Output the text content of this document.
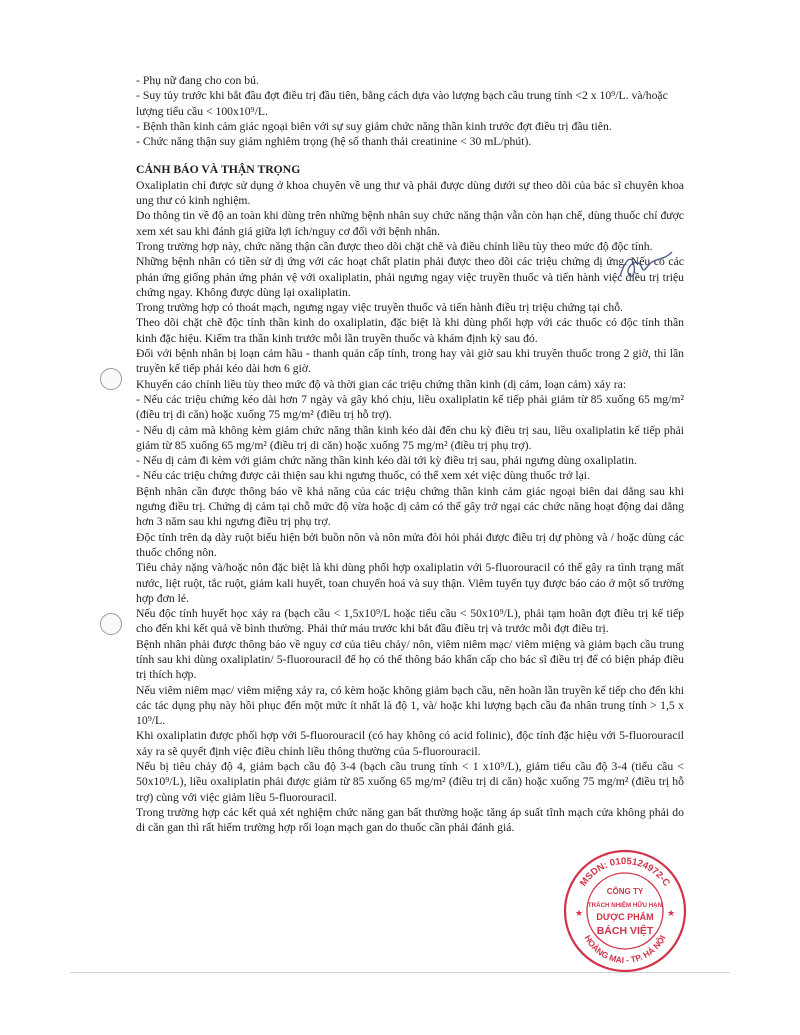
- Phụ nữ đang cho con bú.

- Suy tủy trước khi bắt đầu đợt điều trị đầu tiên, bằng cách dựa vào lượng bạch cầu trung tính <2 x 10⁹/L. và/hoặc lượng tiểu cầu < 100x10⁹/L.

- Bệnh thần kinh cảm giác ngoại biên với sự suy giảm chức năng thần kinh trước đợt điều trị đầu tiên.

- Chức năng thận suy giảm nghiêm trọng (hệ số thanh thải creatinine < 30 mL/phút).

CẢNH BÁO VÀ THẬN TRỌNG

Oxaliplatin chỉ được sử dụng ở khoa chuyên về ung thư và phải được dùng dưới sự theo dõi của bác sĩ chuyên khoa ung thư có kinh nghiệm.

Do thông tin về độ an toàn khi dùng trên những bệnh nhân suy chức năng thận vẫn còn hạn chế, dùng thuốc chỉ được xem xét sau khi đánh giá giữa lợi ích/nguy cơ đối với bệnh nhân.

Trong trường hợp này, chức năng thận cần được theo dõi chặt chẽ và điều chỉnh liều tùy theo mức độ độc tính.

Những bệnh nhân có tiền sử dị ứng với các hoạt chất platin phải được theo dõi các triệu chứng dị ứng. Nếu có các phản ứng giống phản ứng phản vệ với oxaliplatin, phải ngưng ngay việc truyền thuốc và tiến hành việc điều trị triệu chứng ngay. Không được dùng lại oxaliplatin.

Trong trường hợp có thoát mạch, ngưng ngay việc truyền thuốc và tiến hành điều trị triệu chứng tại chỗ.

Theo dõi chặt chẽ độc tính thần kinh do oxaliplatin, đặc biệt là khi dùng phối hợp với các thuốc có độc tính thần kinh đặc hiệu. Kiểm tra thần kinh trước mỗi lần truyền thuốc và khám định kỳ sau đó.

Đối với bệnh nhân bị loạn cảm hầu - thanh quản cấp tính, trong hay vài giờ sau khi truyền thuốc trong 2 giờ, thì lần truyền kế tiếp phải kéo dài hơn 6 giờ.

Khuyến cáo chỉnh liều tùy theo mức độ và thời gian các triệu chứng thần kinh (dị cảm, loạn cảm) xảy ra:

- Nếu các triệu chứng kéo dài hơn 7 ngày và gây khó chịu, liều oxaliplatin kế tiếp phải giảm từ 85 xuống 65 mg/m² (điều trị di căn) hoặc xuống 75 mg/m² (điều trị hỗ trợ).

- Nếu dị cảm mà không kèm giảm chức năng thần kinh kéo dài đến chu kỳ điều trị sau, liều oxaliplatin kế tiếp phải giảm từ 85 xuống 65 mg/m² (điều trị di căn) hoặc xuống 75 mg/m² (điều trị phụ trợ).

- Nếu dị cảm đi kèm với giảm chức năng thần kinh kéo dài tới kỳ điều trị sau, phải ngưng dùng oxaliplatin.

- Nếu các triệu chứng được cải thiện sau khi ngưng thuốc, có thể xem xét việc dùng thuốc trở lại.

Bệnh nhân cần được thông báo về khả năng của các triệu chứng thần kinh cảm giác ngoại biên dai dẳng sau khi ngưng điều trị. Chứng dị cảm tại chỗ mức độ vừa hoặc dị cảm có thể gây trở ngại các chức năng hoạt động dai dẳng hơn 3 năm sau khi ngưng điều trị phụ trợ.

Độc tính trên dạ dày ruột biểu hiện bởi buồn nôn và nôn mửa đòi hỏi phải được điều trị dự phòng và / hoặc dùng các thuốc chống nôn.

Tiêu chảy nặng và/hoặc nôn đặc biệt là khi dùng phối hợp oxaliplatin với 5-fluorouracil có thể gây ra tình trạng mất nước, liệt ruột, tắc ruột, giảm kali huyết, toan chuyển hoá và suy thận. Viêm tuyến tụy được báo cáo ở một số trường hợp đơn lẻ.

Nếu độc tính huyết học xảy ra (bạch cầu < 1,5x10⁹/L hoặc tiểu cầu < 50x10⁹/L), phải tạm hoãn đợt điều trị kế tiếp cho đến khi kết quả về bình thường. Phải thử máu trước khi bắt đầu điều trị và trước mỗi đợt điều trị.

Bệnh nhân phải được thông báo về nguy cơ của tiêu chảy/ nôn, viêm niêm mạc/ viêm miệng và giảm bạch cầu trung tính sau khi dùng oxaliplatin/ 5-fluorouracil để họ có thể thông báo khẩn cấp cho bác sĩ điều trị để có biện pháp điều trị thích hợp.

Nếu viêm niêm mạc/ viêm miệng xảy ra, có kèm hoặc không giảm bạch cầu, nên hoãn lần truyền kế tiếp cho đến khi các tác dụng phụ này hồi phục đến một mức ít nhất là độ 1, và/ hoặc khi lượng bạch cầu đa nhân trung tính > 1,5 x 10⁹/L.

Khi oxaliplatin được phối hợp với 5-fluorouracil (có hay không có acid folinic), độc tính đặc hiệu với 5-fluorouracil xảy ra sẽ quyết định việc điều chỉnh liều thông thường của 5-fluorouracil.

Nếu bị tiêu chảy độ 4, giảm bạch cầu độ 3-4 (bạch cầu trung tính < 1 x10⁹/L), giảm tiểu cầu độ 3-4 (tiểu cầu < 50x10⁹/L), liều oxaliplatin phải được giảm từ 85 xuống 65 mg/m² (điều trị di căn) hoặc xuống 75 mg/m² (điều trị hỗ trợ) cùng với việc giảm liều 5-fluorouracil.

Trong trường hợp các kết quả xét nghiệm chức năng gan bất thường hoặc tăng áp suất tĩnh mạch cửa không phải do di căn gan thì rất hiếm trường hợp rối loạn mạch gan do thuốc cần phải đánh giá.

MSDN: 0105124972-C
HOÀNG MAI - TP. HÀ NỘI
CÔNG TY
TRÁCH NHIỆM HỮU HẠN
DƯỢC PHẨM
BÁCH VIỆT
★	★
